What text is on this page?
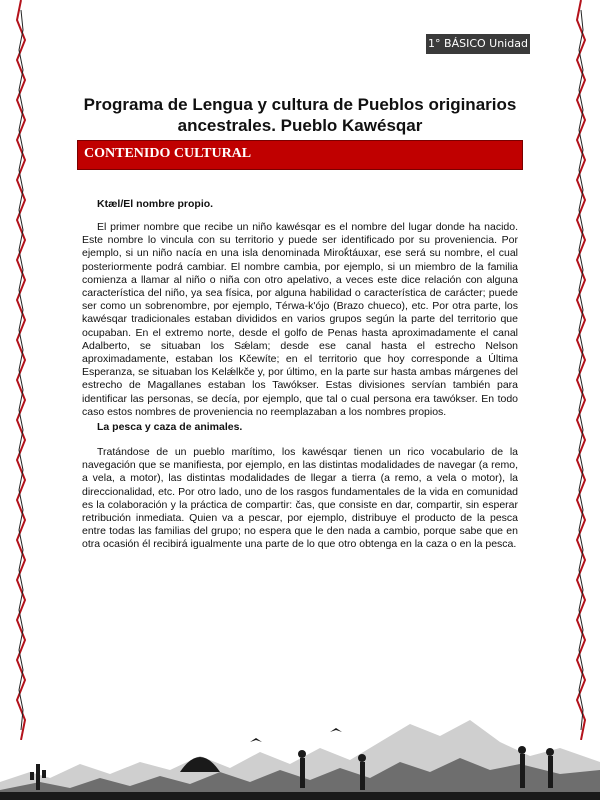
1° BÁSICO Unidad 3
Programa de Lengua y cultura de Pueblos originarios
ancestrales. Pueblo Kawésqar
CONTENIDO CULTURAL
Ktæl/El nombre propio.
El primer nombre que recibe un niño kawésqar es el nombre del lugar donde ha nacido. Este nombre lo vincula con su territorio y puede ser identificado por su proveniencia. Por ejemplo, si un niño nacía en una isla denominada Mirok̓táuxar, ese será su nombre, el cual posteriormente podrá cambiar. El nombre cambia, por ejemplo, si un miembro de la familia comienza a llamar al niño o niña con otro apelativo, a veces este dice relación con alguna característica del niño, ya sea física, por alguna habilidad o característica de carácter; puede ser como un sobrenombre, por ejemplo, Térwa-k'ójo (Brazo chueco), etc. Por otra parte, los kawésqar tradicionales estaban divididos en varios grupos según la parte del territorio que ocupaban. En el extremo norte, desde el golfo de Penas hasta aproximadamente el canal Adalberto, se situaban los Sǽlam; desde ese canal hasta el estrecho Nelson aproximadamente, estaban los Kčewíte; en el territorio que hoy corresponde a Última Esperanza, se situaban los Kelǽlkče y, por último, en la parte sur hasta ambas márgenes del estrecho de Magallanes estaban los Tawókser. Estas divisiones servían también para identificar las personas, se decía, por ejemplo, que tal o cual persona era tawókser. En todo caso estos nombres de proveniencia no reemplazaban a los nombres propios.
La pesca y caza de animales.
Tratándose de un pueblo marítimo, los kawésqar tienen un rico vocabulario de la navegación que se manifiesta, por ejemplo, en las distintas modalidades de navegar (a remo, a vela, a motor), las distintas modalidades de llegar a tierra (a remo, a vela o motor), la direccionalidad, etc. Por otro lado, uno de los rasgos fundamentales de la vida en comunidad es la colaboración y la práctica de compartir: čas, que consiste en dar, compartir, sin esperar retribución inmediata. Quien va a pescar, por ejemplo, distribuye el producto de la pesca entre todas las familias del grupo; no espera que le den nada a cambio, porque sabe que en otra ocasión él recibirá igualmente una parte de lo que otro obtenga en la caza o en la pesca.
